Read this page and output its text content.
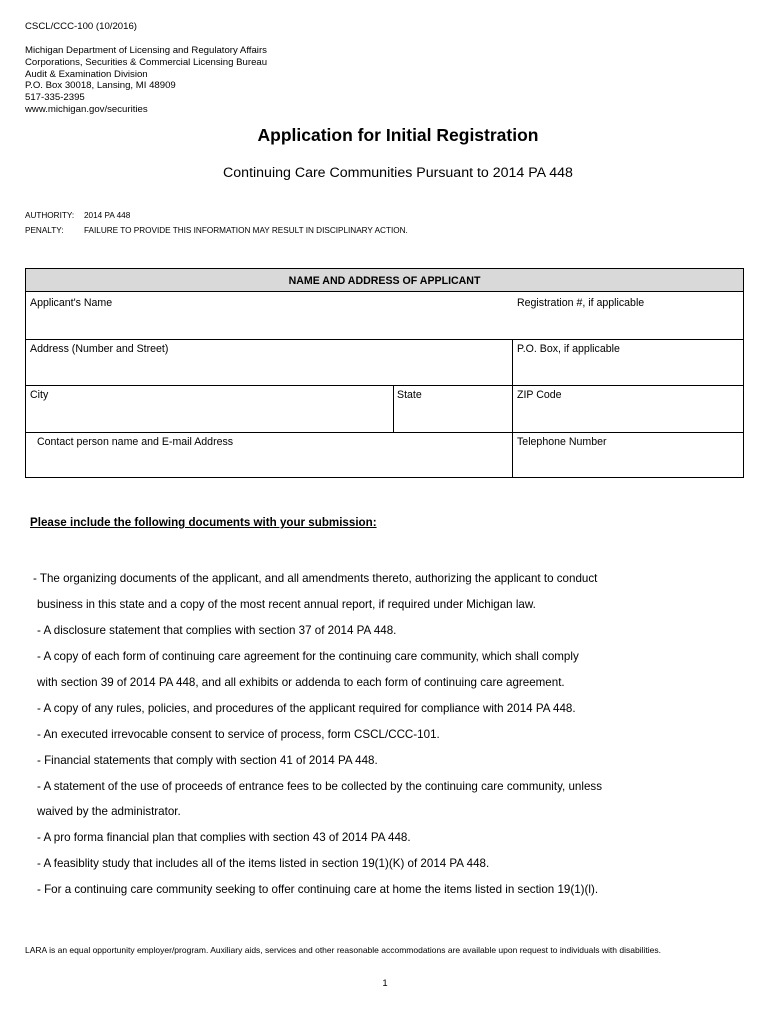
CSCL/CCC-100 (10/2016)
Michigan Department of Licensing and Regulatory Affairs
Corporations, Securities & Commercial Licensing Bureau
Audit & Examination Division
P.O. Box 30018, Lansing, MI 48909
517-335-2395
www.michigan.gov/securities
Application for Initial Registration
Continuing Care Communities Pursuant to 2014 PA 448
AUTHORITY: 2014 PA 448
PENALTY: FAILURE TO PROVIDE THIS INFORMATION MAY RESULT IN DISCIPLINARY ACTION.
NAME AND ADDRESS OF APPLICANT
Applicant's Name	Registration #, if applicable
Address (Number and Street)	P.O. Box, if applicable
City	State	ZIP Code
Contact person name and E-mail Address	Telephone Number
Please include the following documents with your submission:
- The organizing documents of the applicant, and all amendments thereto, authorizing the applicant to conduct
business in this state and a copy of the most recent annual report, if required under Michigan law.
- A disclosure statement that complies with section 37 of 2014 PA 448.
- A copy of each form of continuing care agreement for the continuing care community, which shall comply
with section 39 of 2014 PA 448, and all exhibits or addenda to each form of continuing care agreement.
- A copy of any rules, policies, and procedures of the applicant required for compliance with 2014 PA 448.
- An executed irrevocable consent to service of process, form CSCL/CCC-101.
- Financial statements that comply with section 41 of 2014 PA 448.
- A statement of the use of proceeds of entrance fees to be collected by the continuing care community, unless
waived by the administrator.
- A pro forma financial plan that complies with section 43 of 2014 PA 448.
- A feasiblity study that includes all of the items listed in section 19(1)(K) of 2014 PA 448.
- For a continuing care community seeking to offer continuing care at home the items listed in section 19(1)(l).
LARA is an equal opportunity employer/program. Auxiliary aids, services and other reasonable accommodations are available upon request to individuals with disabilities.
1
